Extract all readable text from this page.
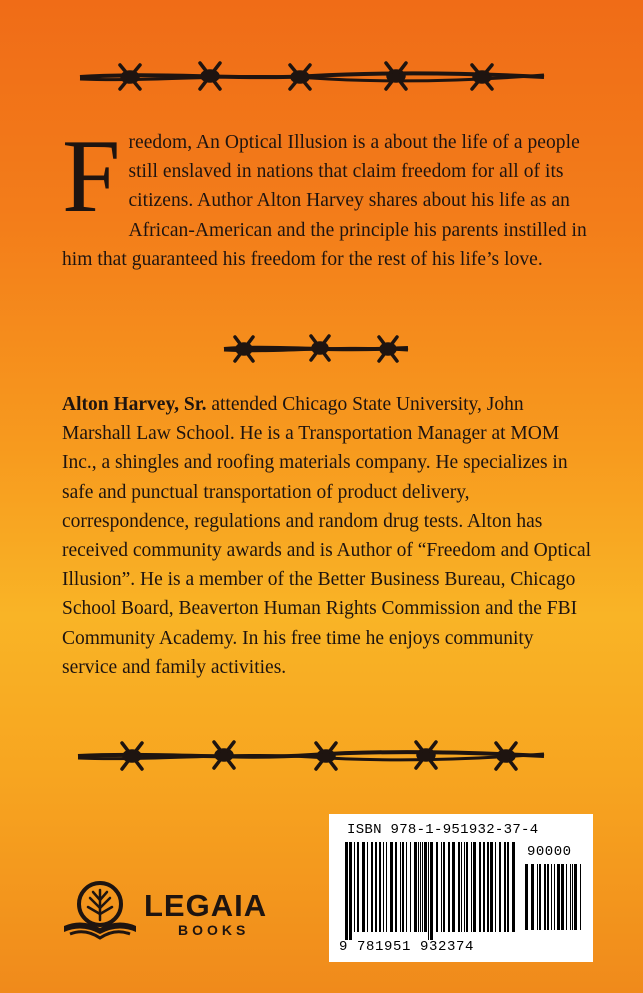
Freedom, An Optical Illusion is a about the life of a people still enslaved in nations that claim freedom for all of its citizens. Author Alton Harvey shares about his life as an African-American and the principle his parents instilled in him that guaranteed his freedom for the rest of his life’s love.

Alton Harvey, Sr. attended Chicago State University, John Marshall Law School. He is a Transportation Manager at MOM Inc., a shingles and roofing materials company. He specializes in safe and punctual transportation of product delivery, correspondence, regulations and random drug tests. Alton has received community awards and is Author of “Freedom and Optical Illusion”. He is a member of the Better Business Bureau, Chicago School Board, Beaverton Human Rights Commission and the FBI Community Academy. In his free time he enjoys community service and family activities.

LEGAIA
BOOKS
ISBN 978-1-951932-37-4
90000
9 781951 932374
